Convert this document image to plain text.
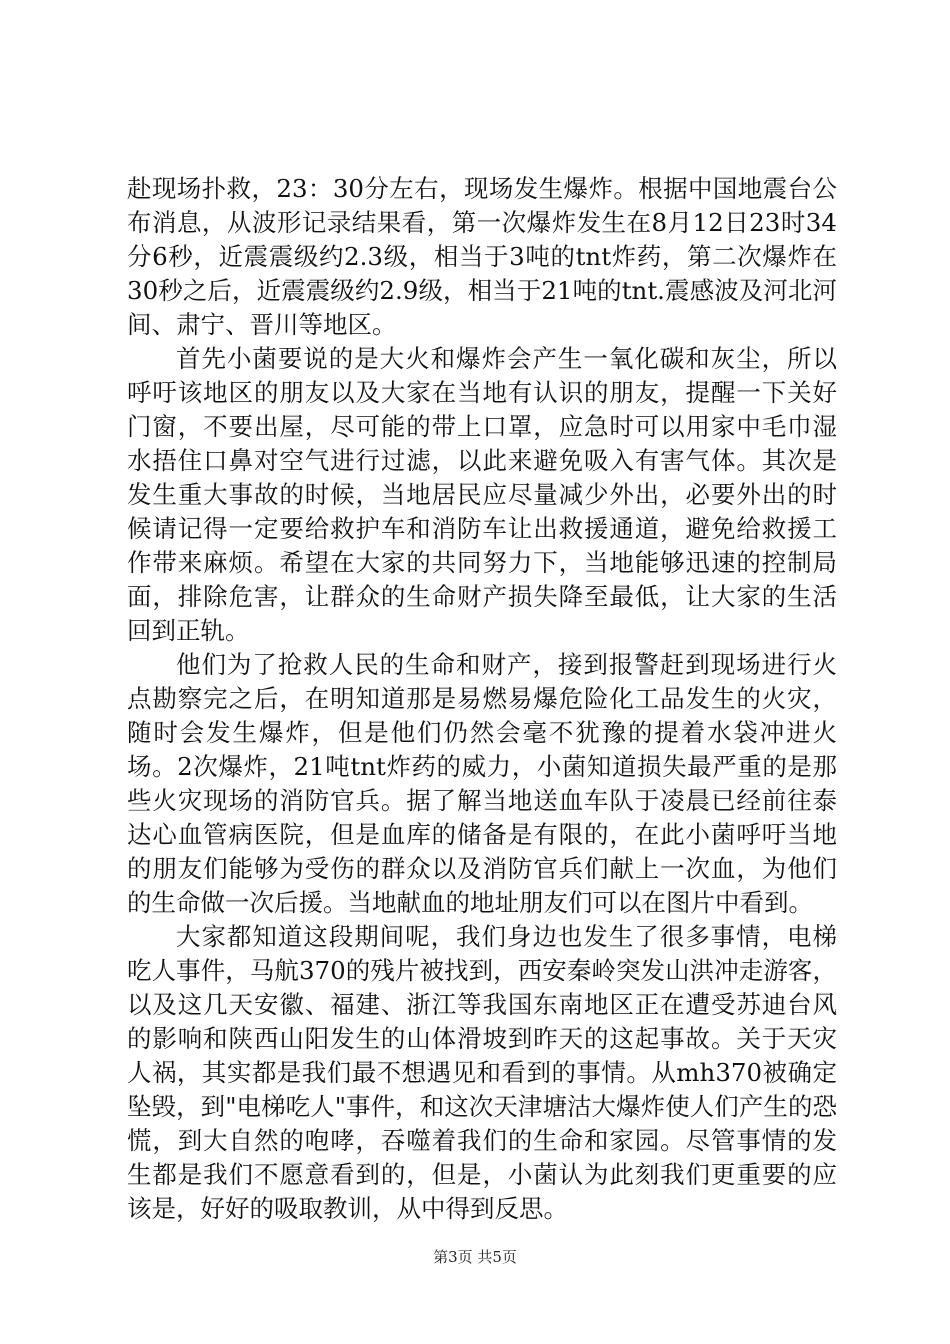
赴现场扑救，23：30分左右，现场发生爆炸。根据中国地震台公布消息，从波形记录结果看，第一次爆炸发生在8月12日23时34分6秒，近震震级约2.3级，相当于3吨的tnt炸药，第二次爆炸在30秒之后，近震震级约2.9级，相当于21吨的tnt.震感波及河北河间、肃宁、晋川等地区。

首先小菌要说的是大火和爆炸会产生一氧化碳和灰尘，所以呼吁该地区的朋友以及大家在当地有认识的朋友，提醒一下关好门窗，不要出屋，尽可能的带上口罩，应急时可以用家中毛巾湿水捂住口鼻对空气进行过滤，以此来避免吸入有害气体。其次是发生重大事故的时候，当地居民应尽量减少外出，必要外出的时候请记得一定要给救护车和消防车让出救援通道，避免给救援工作带来麻烦。希望在大家的共同努力下，当地能够迅速的控制局面，排除危害，让群众的生命财产损失降至最低，让大家的生活回到正轨。

他们为了抢救人民的生命和财产，接到报警赶到现场进行火点勘察完之后，在明知道那是易燃易爆危险化工品发生的火灾，随时会发生爆炸，但是他们仍然会毫不犹豫的提着水袋冲进火场。2次爆炸，21吨tnt炸药的威力，小菌知道损失最严重的是那些火灾现场的消防官兵。据了解当地送血车队于凌晨已经前往泰达心血管病医院，但是血库的储备是有限的，在此小菌呼吁当地的朋友们能够为受伤的群众以及消防官兵们献上一次血，为他们的生命做一次后援。当地献血的地址朋友们可以在图片中看到。

大家都知道这段期间呢，我们身边也发生了很多事情，电梯吃人事件，马航370的残片被找到，西安秦岭突发山洪冲走游客，以及这几天安徽、福建、浙江等我国东南地区正在遭受苏迪台风的影响和陕西山阳发生的山体滑坡到昨天的这起事故。关于天灾人祸，其实都是我们最不想遇见和看到的事情。从mh370被确定坠毁，到"电梯吃人"事件，和这次天津塘沽大爆炸使人们产生的恐慌，到大自然的咆哮，吞噬着我们的生命和家园。尽管事情的发生都是我们不愿意看到的，但是，小菌认为此刻我们更重要的应该是，好好的吸取教训，从中得到反思。

第3页 共5页
